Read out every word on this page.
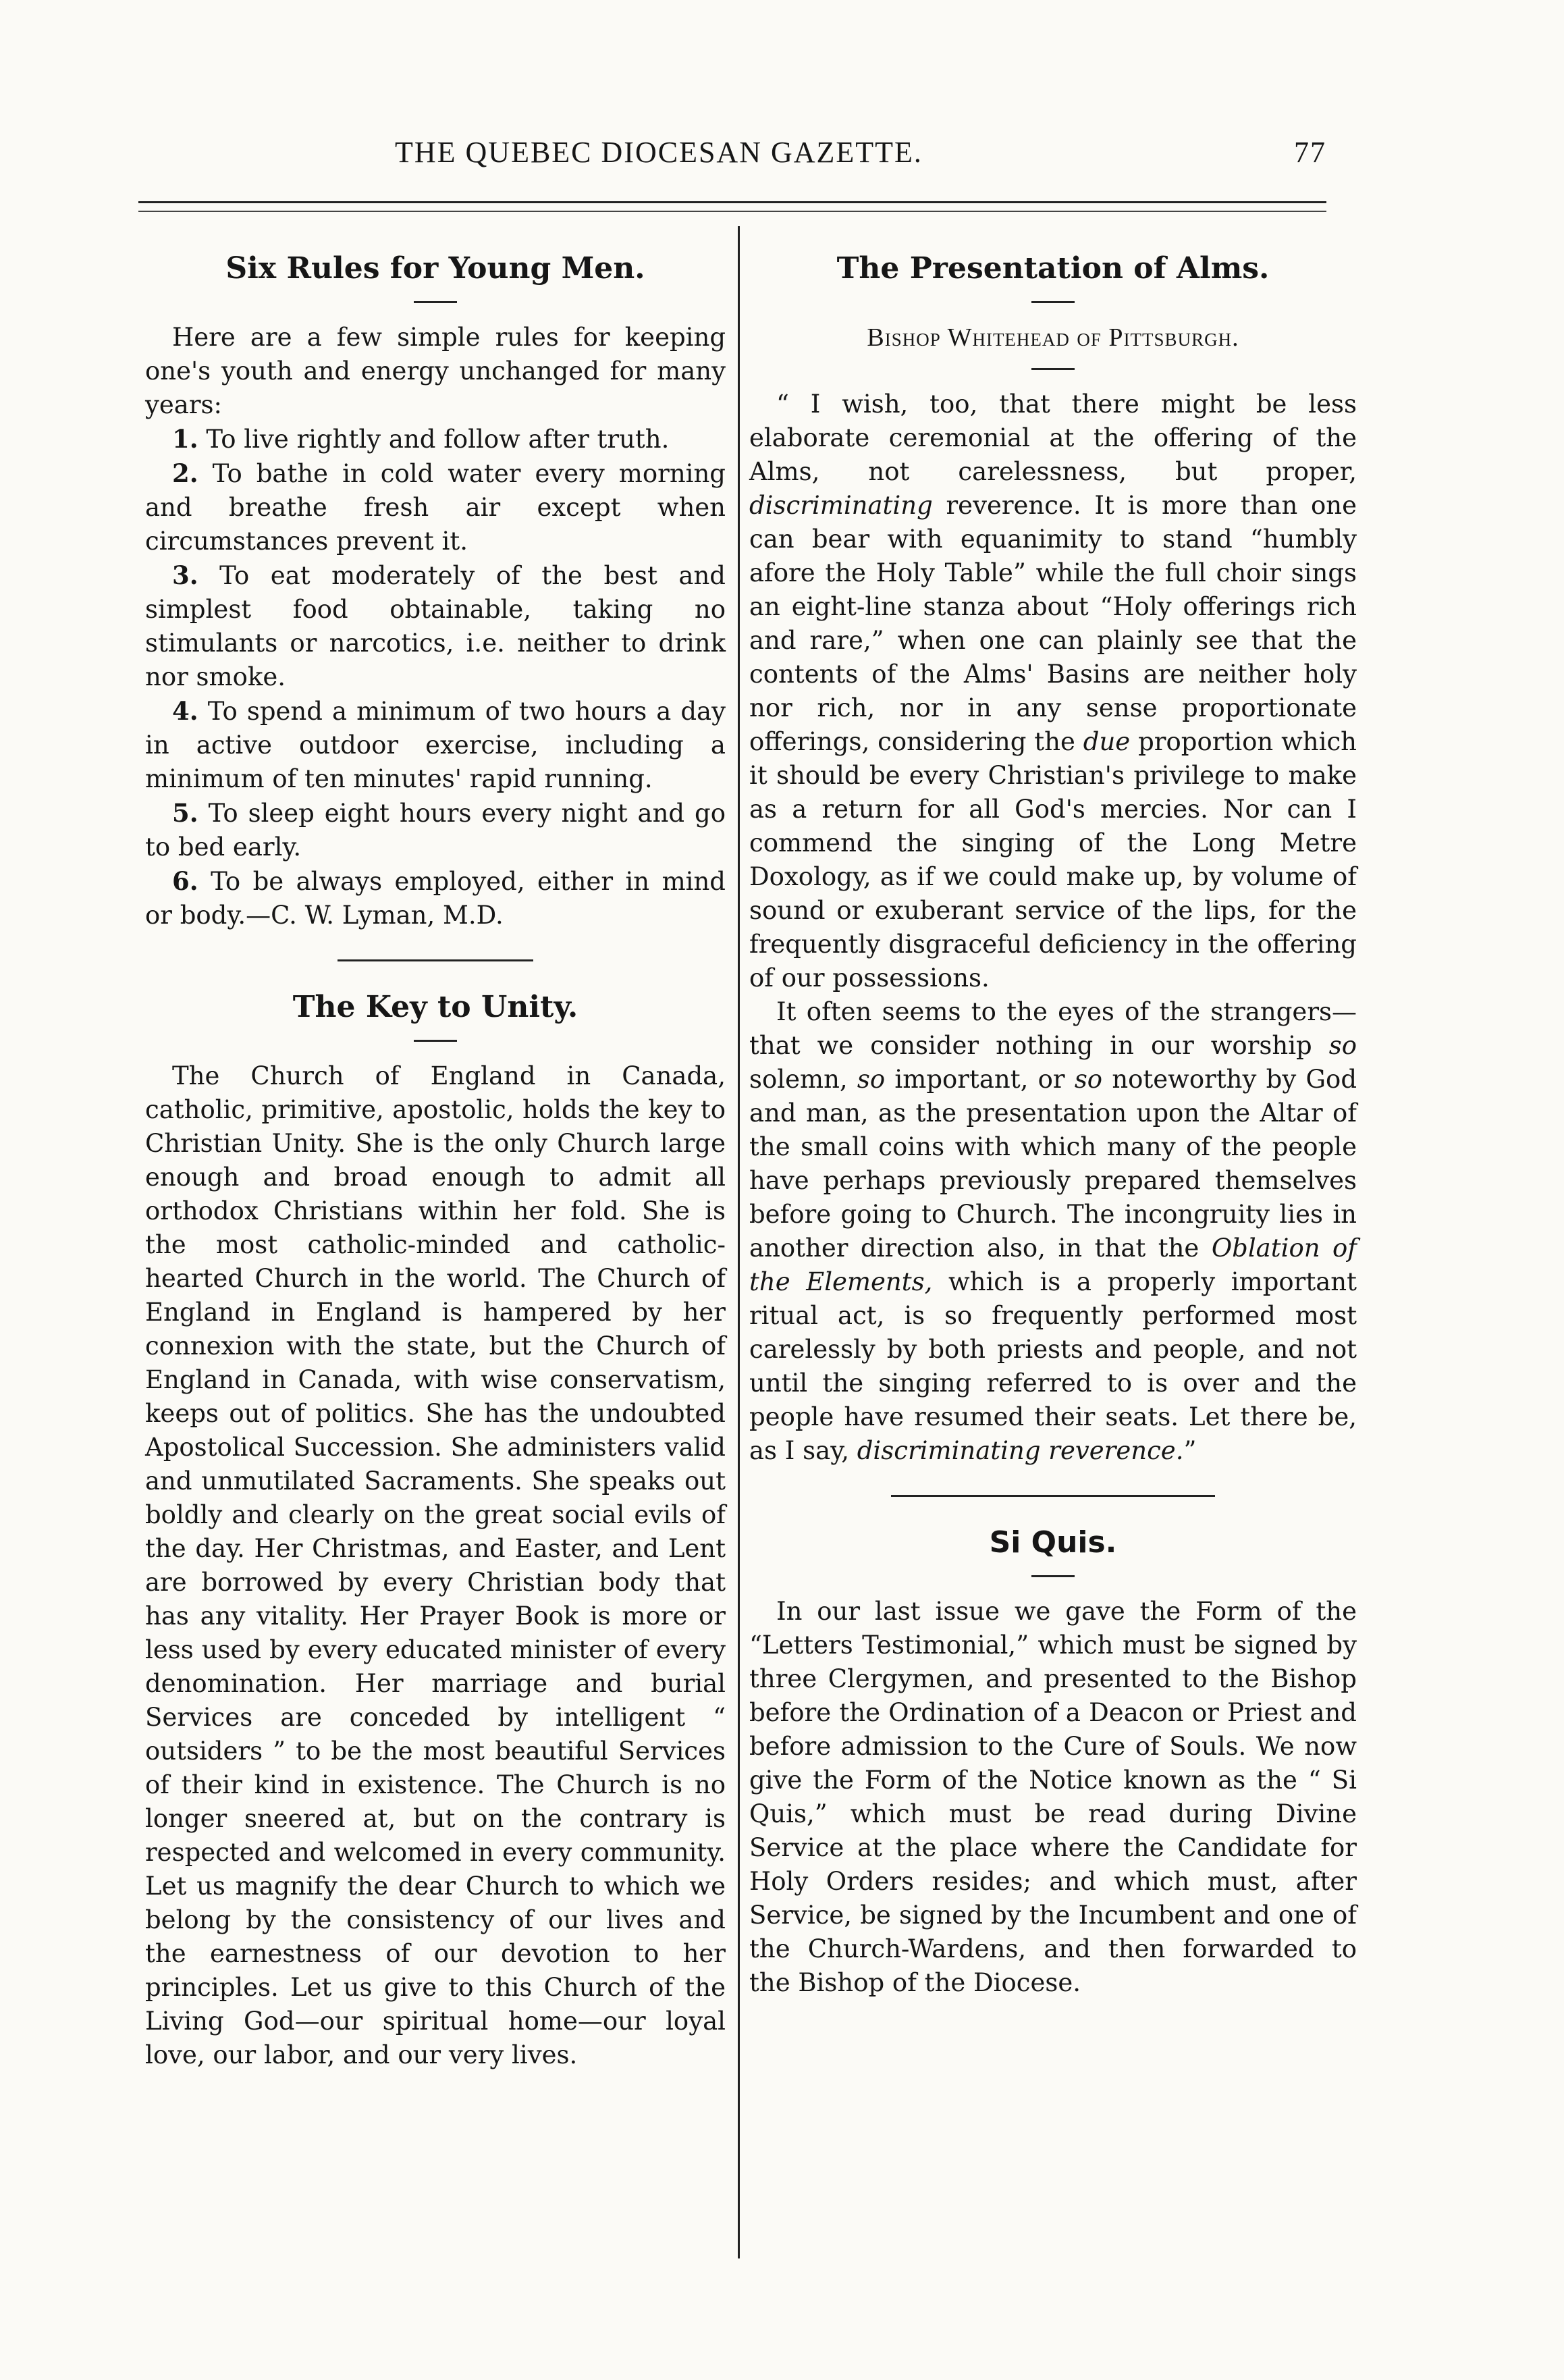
THE QUEBEC DIOCESAN GAZETTE.	77
Six Rules for Young Men.

Here are a few simple rules for keeping one's youth and energy unchanged for many years:

1. To live rightly and follow after truth.

2. To bathe in cold water every morning and breathe fresh air except when circumstances prevent it.

3. To eat moderately of the best and simplest food obtainable, taking no stimulants or narcotics, i.e. neither to drink nor smoke.

4. To spend a minimum of two hours a day in active outdoor exercise, including a minimum of ten minutes' rapid running.

5. To sleep eight hours every night and go to bed early.

6. To be always employed, either in mind or body.—C. W. Lyman, M.D.

The Key to Unity.

The Church of England in Canada, catholic, primitive, apostolic, holds the key to Christian Unity. She is the only Church large enough and broad enough to admit all orthodox Christians within her fold. She is the most catholic-minded and catholic-hearted Church in the world. The Church of England in England is hampered by her connexion with the state, but the Church of England in Canada, with wise conservatism, keeps out of politics. She has the undoubted Apostolical Succession. She administers valid and unmutilated Sacraments. She speaks out boldly and clearly on the great social evils of the day. Her Christmas, and Easter, and Lent are borrowed by every Christian body that has any vitality. Her Prayer Book is more or less used by every educated minister of every denomination. Her marriage and burial Services are conceded by intelligent “ outsiders ” to be the most beautiful Services of their kind in existence. The Church is no longer sneered at, but on the contrary is respected and welcomed in every community. Let us magnify the dear Church to which we belong by the consistency of our lives and the earnestness of our devotion to her principles. Let us give to this Church of the Living God—our spiritual home—our loyal love, our labor, and our very lives.

The Presentation of Alms.
Bishop Whitehead of Pittsburgh.

“ I wish, too, that there might be less elaborate ceremonial at the offering of the Alms, not carelessness, but proper, discriminating reverence. It is more than one can bear with equanimity to stand “humbly afore the Holy Table” while the full choir sings an eight-line stanza about “Holy offerings rich and rare,” when one can plainly see that the contents of the Alms' Basins are neither holy nor rich, nor in any sense proportionate offerings, considering the due proportion which it should be every Christian's privilege to make as a return for all God's mercies. Nor can I commend the singing of the Long Metre Doxology, as if we could make up, by volume of sound or exuberant service of the lips, for the frequently disgraceful deficiency in the offering of our possessions.

It often seems to the eyes of the strangers—that we consider nothing in our worship so solemn, so important, or so noteworthy by God and man, as the presentation upon the Altar of the small coins with which many of the people have perhaps previously prepared themselves before going to Church. The incongruity lies in another direction also, in that the Oblation of the Elements, which is a properly important ritual act, is so frequently performed most carelessly by both priests and people, and not until the singing referred to is over and the people have resumed their seats. Let there be, as I say, discriminating reverence.”

Si Quis.

In our last issue we gave the Form of the “Letters Testimonial,” which must be signed by three Clergymen, and presented to the Bishop before the Ordination of a Deacon or Priest and before admission to the Cure of Souls. We now give the Form of the Notice known as the “ Si Quis,” which must be read during Divine Service at the place where the Candidate for Holy Orders resides; and which must, after Service, be signed by the Incumbent and one of the Church-Wardens, and then forwarded to the Bishop of the Diocese.
